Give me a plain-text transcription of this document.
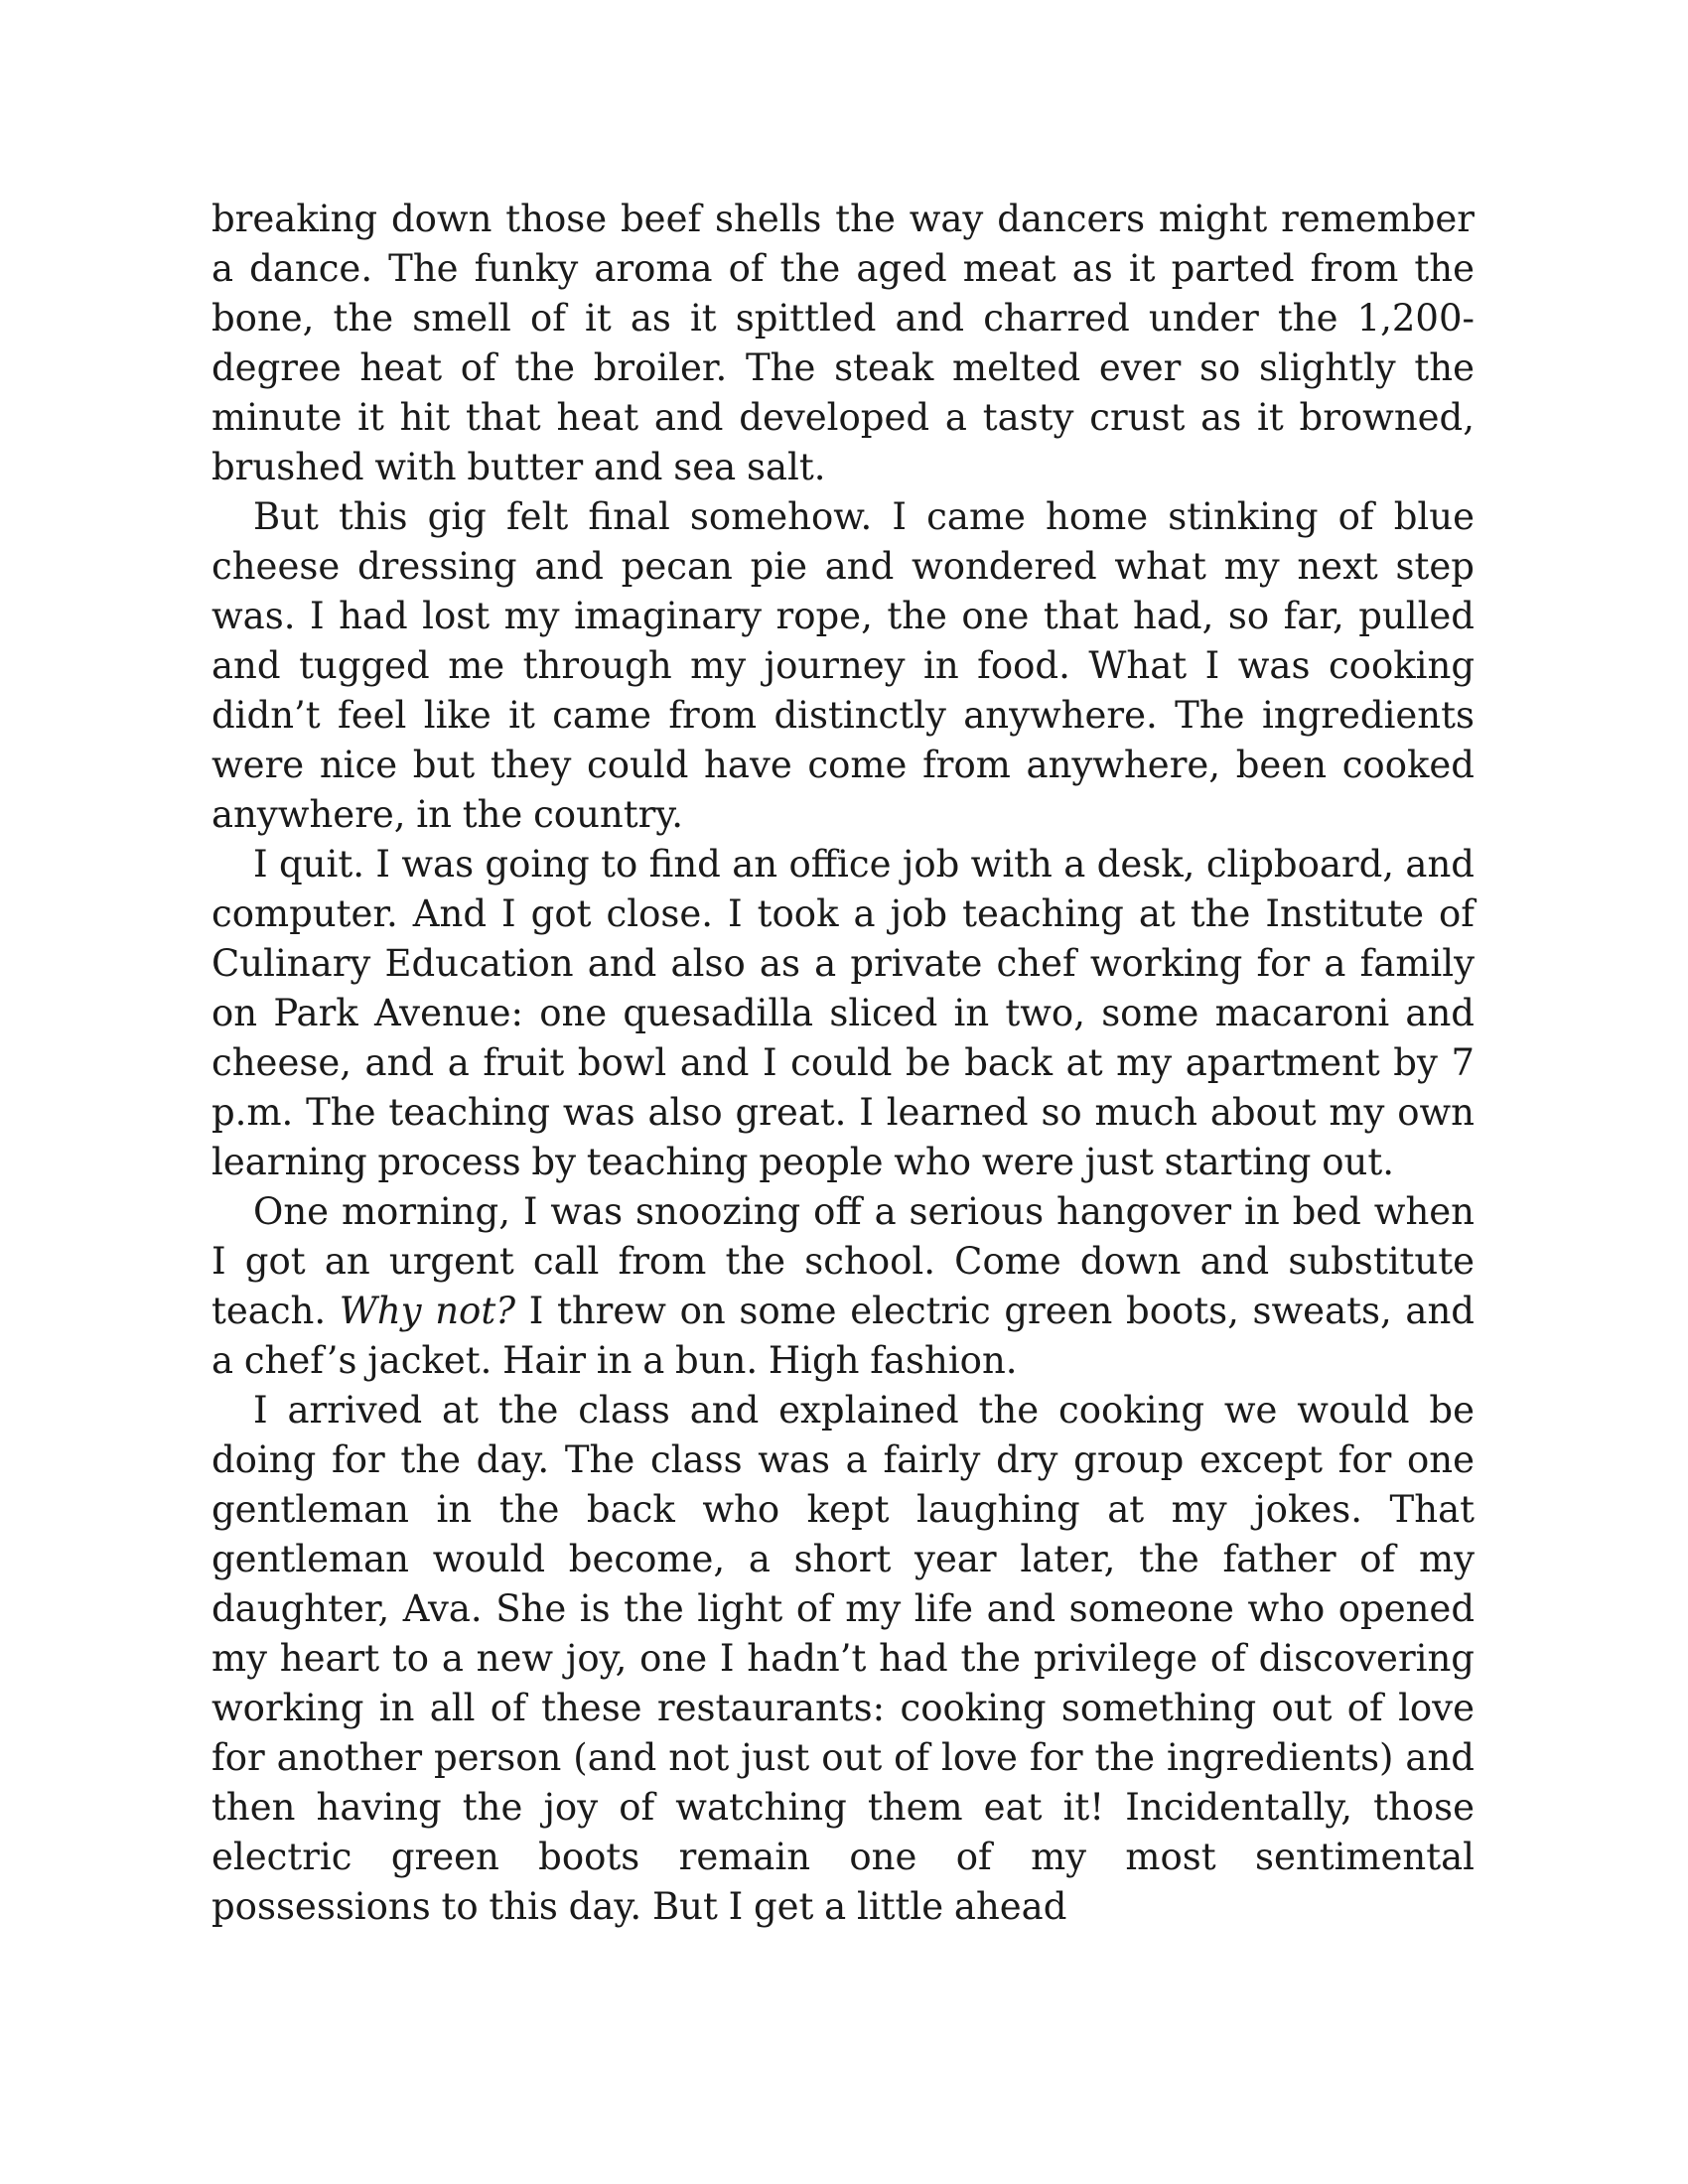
breaking down those beef shells the way dancers might remember a dance. The funky aroma of the aged meat as it parted from the bone, the smell of it as it spittled and charred under the 1,200-degree heat of the broiler. The steak melted ever so slightly the minute it hit that heat and developed a tasty crust as it browned, brushed with butter and sea salt.

But this gig felt final somehow. I came home stinking of blue cheese dressing and pecan pie and wondered what my next step was. I had lost my imaginary rope, the one that had, so far, pulled and tugged me through my journey in food. What I was cooking didn’t feel like it came from distinctly anywhere. The ingredients were nice but they could have come from anywhere, been cooked anywhere, in the country.

I quit. I was going to find an office job with a desk, clipboard, and computer. And I got close. I took a job teaching at the Institute of Culinary Education and also as a private chef working for a family on Park Avenue: one quesadilla sliced in two, some macaroni and cheese, and a fruit bowl and I could be back at my apartment by 7 p.m. The teaching was also great. I learned so much about my own learning process by teaching people who were just starting out.

One morning, I was snoozing off a serious hangover in bed when I got an urgent call from the school. Come down and substitute teach. Why not? I threw on some electric green boots, sweats, and a chef’s jacket. Hair in a bun. High fashion.

I arrived at the class and explained the cooking we would be doing for the day. The class was a fairly dry group except for one gentleman in the back who kept laughing at my jokes. That gentleman would become, a short year later, the father of my daughter, Ava. She is the light of my life and someone who opened my heart to a new joy, one I hadn’t had the privilege of discovering working in all of these restaurants: cooking something out of love for another person (and not just out of love for the ingredients) and then having the joy of watching them eat it! Incidentally, those electric green boots remain one of my most sentimental possessions to this day. But I get a little ahead
